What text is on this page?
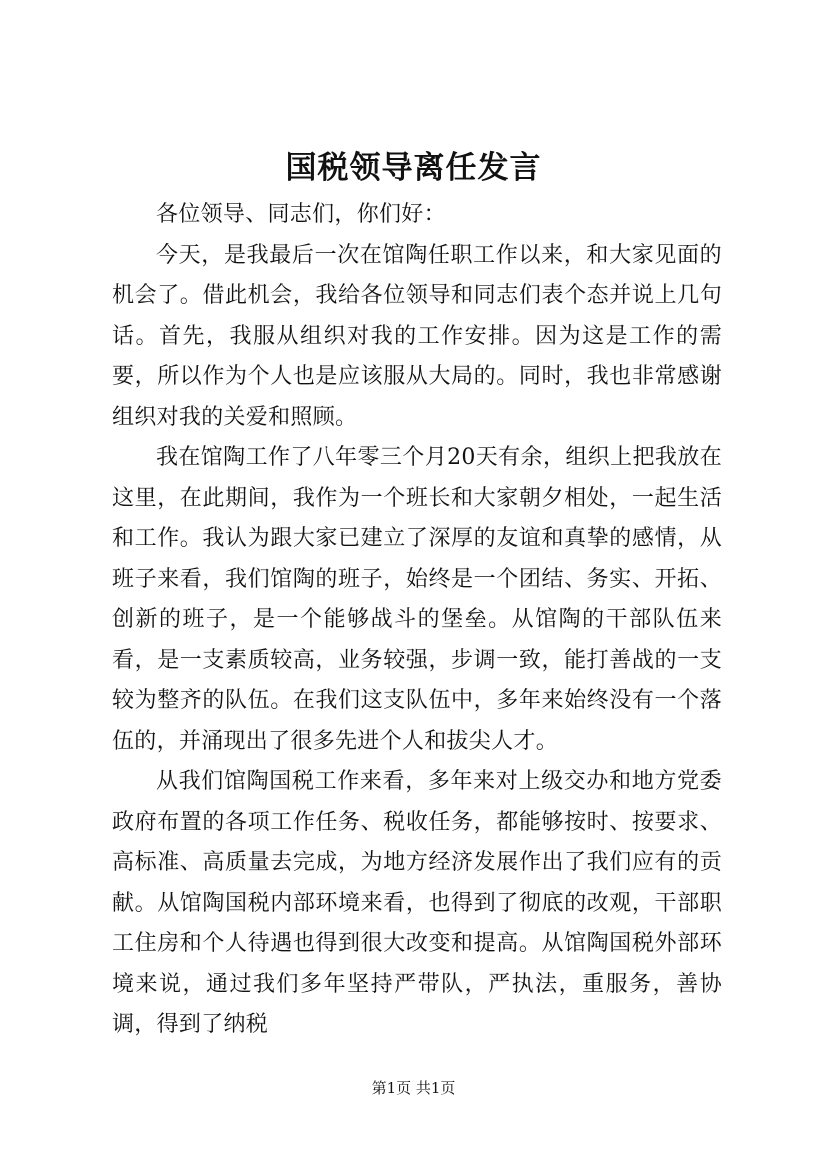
国税领导离任发言

各位领导、同志们，你们好：

今天，是我最后一次在馆陶任职工作以来，和大家见面的机会了。借此机会，我给各位领导和同志们表个态并说上几句话。首先，我服从组织对我的工作安排。因为这是工作的需要，所以作为个人也是应该服从大局的。同时，我也非常感谢组织对我的关爱和照顾。

我在馆陶工作了八年零三个月20天有余，组织上把我放在这里，在此期间，我作为一个班长和大家朝夕相处，一起生活和工作。我认为跟大家已建立了深厚的友谊和真挚的感情，从班子来看，我们馆陶的班子，始终是一个团结、务实、开拓、创新的班子，是一个能够战斗的堡垒。从馆陶的干部队伍来看，是一支素质较高，业务较强，步调一致，能打善战的一支较为整齐的队伍。在我们这支队伍中，多年来始终没有一个落伍的，并涌现出了很多先进个人和拔尖人才。

从我们馆陶国税工作来看，多年来对上级交办和地方党委政府布置的各项工作任务、税收任务，都能够按时、按要求、高标准、高质量去完成，为地方经济发展作出了我们应有的贡献。从馆陶国税内部环境来看，也得到了彻底的改观，干部职工住房和个人待遇也得到很大改变和提高。从馆陶国税外部环境来说，通过我们多年坚持严带队，严执法，重服务，善协调，得到了纳税

第1页 共1页
